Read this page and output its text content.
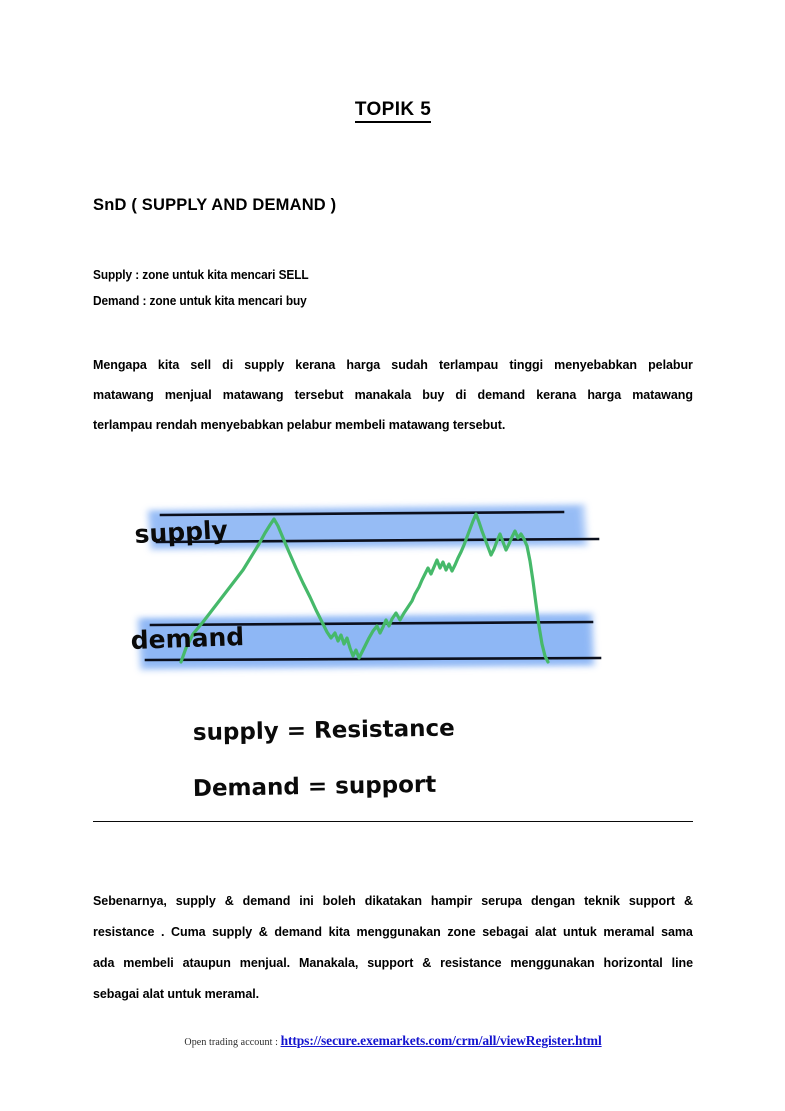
TOPIK 5
SnD ( SUPPLY AND DEMAND )
Supply : zone untuk kita mencari SELL
Demand : zone untuk kita mencari buy
Mengapa kita sell di supply kerana harga sudah terlampau tinggi menyebabkan pelabur
matawang menjual matawang tersebut manakala buy di demand kerana harga matawang
terlampau rendah menyebabkan pelabur membeli matawang tersebut.
supply
demand
supply = Resistance
Demand = support
Sebenarnya, supply & demand ini boleh dikatakan hampir serupa dengan teknik support &
resistance . Cuma supply & demand kita menggunakan zone sebagai alat untuk meramal sama
ada membeli ataupun menjual. Manakala, support & resistance menggunakan horizontal line
sebagai alat untuk meramal.
Open trading account : https://secure.exemarkets.com/crm/all/viewRegister.html
